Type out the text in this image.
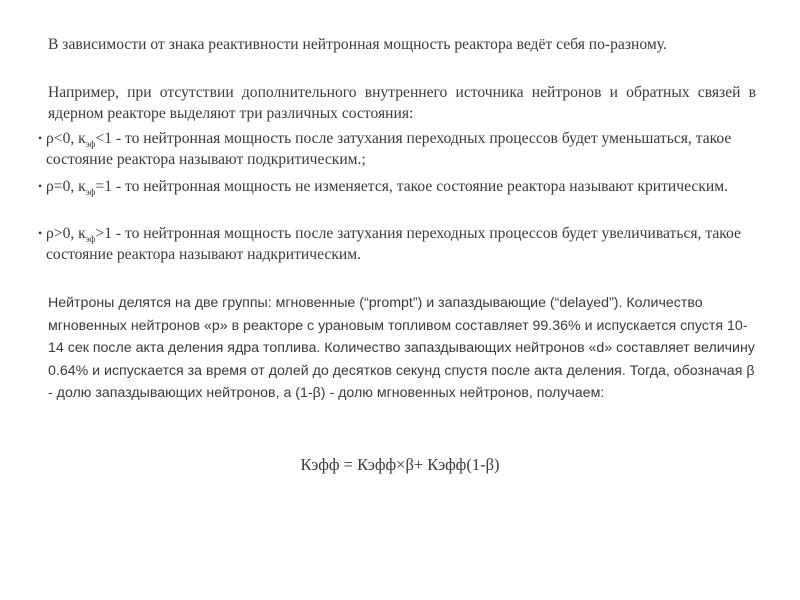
В зависимости от знака реактивности нейтронная мощность реактора ведёт себя по-разному.

Например, при отсутствии дополнительного внутреннего источника нейтронов и обратных связей в ядерном реакторе выделяют три различных состояния:

• ρ<0, $к_{эф}<1$ - то нейтронная мощность после затухания переходных процессов будет уменьшаться, такое состояние реактора называют подкритическим.;
• ρ=0, $к_{эф}=1$ - то нейтронная мощность не изменяется, такое состояние реактора называют критическим.
• ρ>0, $к_{эф}>1$ - то нейтронная мощность после затухания переходных процессов будет увеличиваться, такое состояние реактора называют надкритическим.

Нейтроны делятся на две группы: мгновенные (“prompt”) и запаздывающие (“delayed”). Количество мгновенных нейтронов «p» в реакторе с урановым топливом составляет 99.36% и испускается спустя 10-14 сек после акта деления ядра топлива. Количество запаздывающих нейтронов «d» составляет величину 0.64% и испускается за время от долей до десятков секунд спустя после акта деления. Тогда, обозначая β - долю запаздывающих нейтронов, а (1-β) - долю мгновенных нейтронов, получаем:

Кэфф = Кэфф×β+ Кэфф(1-β)
